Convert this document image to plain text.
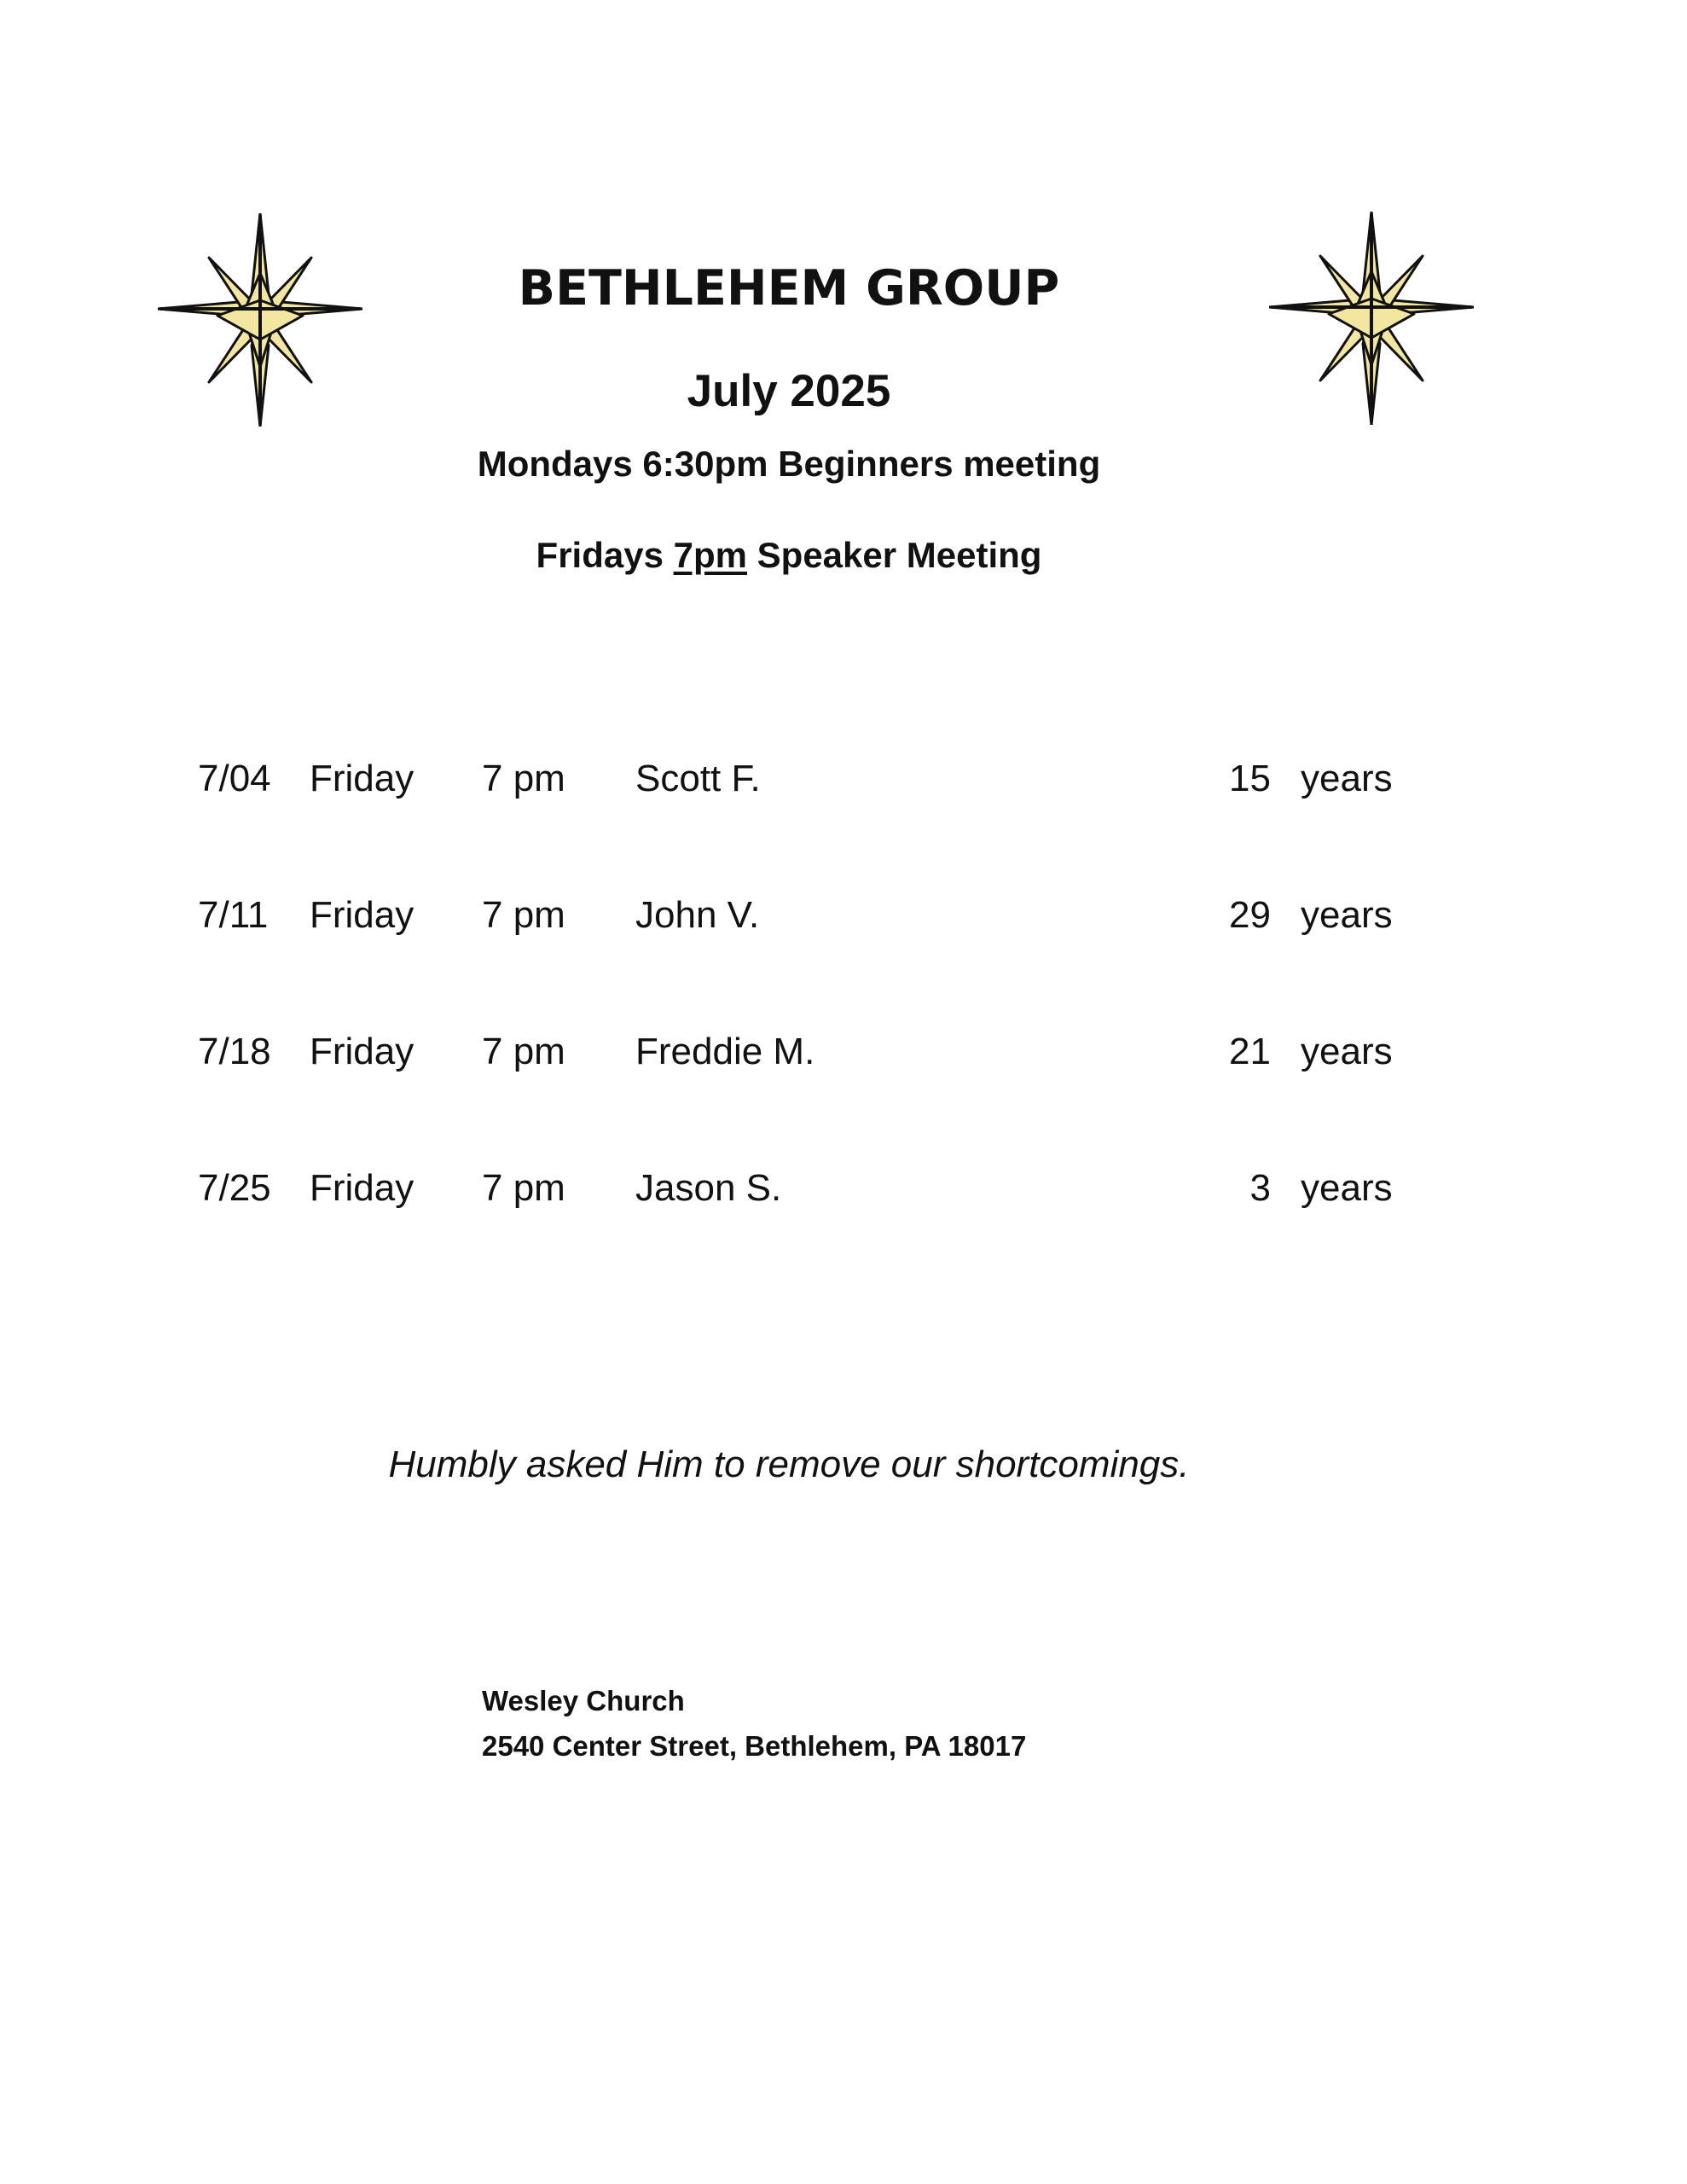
BETHLEHEM GROUP
July 2025
Mondays 6:30pm Beginners meeting
Fridays 7pm Speaker Meeting
7/04 Friday 7 pm Scott F.	15 years
7/11 Friday 7 pm John V.	29 years
7/18 Friday 7 pm Freddie M.	21 years
7/25 Friday 7 pm Jason S.	3 years
Humbly asked Him to remove our shortcomings.
Wesley Church
2540 Center Street, Bethlehem, PA 18017
